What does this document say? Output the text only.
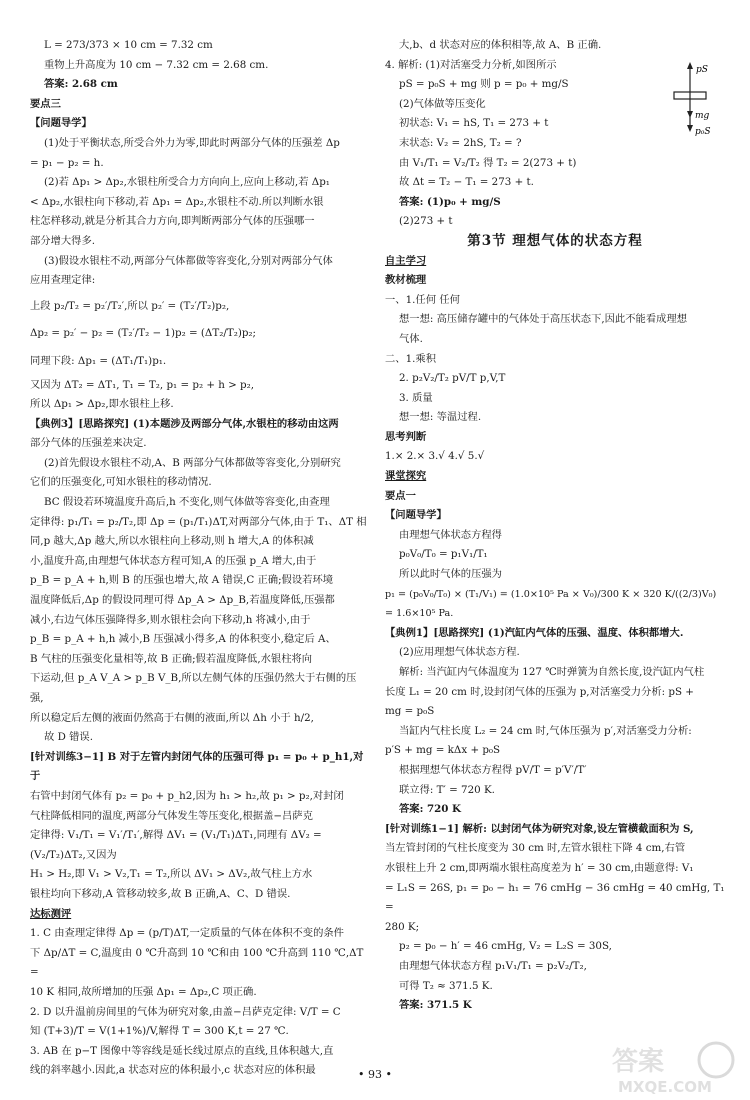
L = 273/373 × 10 cm = 7.32 cm

重物上升高度为 10 cm − 7.32 cm = 2.68 cm.

答案: 2.68 cm

要点三

【问题导学】

(1)处于平衡状态,所受合外力为零,即此时两部分气体的压强差 Δp

= p₁ − p₂ = h.

(2)若 Δp₁ > Δp₂,水银柱所受合力方向向上,应向上移动,若 Δp₁

< Δp₂,水银柱向下移动,若 Δp₁ = Δp₂,水银柱不动.所以判断水银

柱怎样移动,就是分析其合力方向,即判断两部分气体的压强哪一

部分增大得多.

(3)假设水银柱不动,两部分气体都做等容变化,分别对两部分气体

应用查理定律:

上段 p₂/T₂ = p₂′/T₂′,所以 p₂′ = (T₂′/T₂)p₂,

Δp₂ = p₂′ − p₂ = (T₂′/T₂ − 1)p₂ = (ΔT₂/T₂)p₂;

同理下段: Δp₁ = (ΔT₁/T₁)p₁.

又因为 ΔT₂ = ΔT₁, T₁ = T₂, p₁ = p₂ + h > p₂,

所以 Δp₁ > Δp₂,即水银柱上移.

【典例3】[思路探究] (1)本题涉及两部分气体,水银柱的移动由这两

部分气体的压强差来决定.

(2)首先假设水银柱不动,A、B 两部分气体都做等容变化,分别研究

它们的压强变化,可知水银柱的移动情况.

BC 假设若环境温度升高后,h 不变化,则气体做等容变化,由查理

定律得: p₁/T₁ = p₂/T₂,即 Δp = (p₁/T₁)ΔT,对两部分气体,由于 T₁、ΔT 相

同,p 越大,Δp 越大,所以水银柱向上移动,则 h 增大,A 的体积减

小,温度升高,由理想气体状态方程可知,A 的压强 p_A 增大,由于

p_B = p_A + h,则 B 的压强也增大,故 A 错误,C 正确;假设若环境

温度降低后,Δp 的假设同理可得 Δp_A > Δp_B,若温度降低,压强都

减小,右边气体压强降得多,则水银柱会向下移动,h 将减小,由于

p_B = p_A + h,h 减小,B 压强减小得多,A 的体积变小,稳定后 A、

B 气柱的压强变化量相等,故 B 正确;假若温度降低,水银柱将向

下运动,但 p_A V_A > p_B V_B,所以左侧气体的压强仍然大于右侧的压强,

所以稳定后左侧的液面仍然高于右侧的液面,所以 Δh 小于 h/2,

故 D 错误.

[针对训练3−1] B 对于左管内封闭气体的压强可得 p₁ = p₀ + p_h1,对于

右管中封闭气体有 p₂ = p₀ + p_h2,因为 h₁ > h₂,故 p₁ > p₂,对封闭

气柱降低相同的温度,两部分气体发生等压变化,根据盖−吕萨克

定律得: V₁/T₁ = V₁′/T₁′,解得 ΔV₁ = (V₁/T₁)ΔT₁,同理有 ΔV₂ = (V₂/T₂)ΔT₂,又因为

H₁ > H₂,即 V₁ > V₂,T₁ = T₂,所以 ΔV₁ > ΔV₂,故气柱上方水

银柱均向下移动,A 管移动较多,故 B 正确,A、C、D 错误.

达标测评

1. C 由查理定律得 Δp = (p/T)ΔT,一定质量的气体在体积不变的条件

下 Δp/ΔT = C,温度由 0 ℃升高到 10 ℃和由 100 ℃升高到 110 ℃,ΔT =

10 K 相同,故所增加的压强 Δp₁ = Δp₂,C 项正确.

2. D 以升温前房间里的气体为研究对象,由盖−吕萨克定律: V/T = C

知 (T+3)/T = V(1+1%)/V,解得 T = 300 K,t = 27 ℃.

3. AB 在 p−T 图像中等容线是延长线过原点的直线,且体积越大,直

线的斜率越小.因此,a 状态对应的体积最小,c 状态对应的体积最

大,b、d 状态对应的体积相等,故 A、B 正确.

4. 解析: (1)对活塞受力分析,如图所示

pS = p₀S + mg 则 p = p₀ + mg/S

(2)气体做等压变化

初状态: V₁ = hS, T₁ = 273 + t

末状态: V₂ = 2hS, T₂ = ?

由 V₁/T₁ = V₂/T₂ 得 T₂ = 2(273 + t)

故 Δt = T₂ − T₁ = 273 + t.

答案: (1)p₀ + mg/S

(2)273 + t

第3节 理想气体的状态方程

自主学习

教材梳理

一、1.任何 任何

想一想: 高压储存罐中的气体处于高压状态下,因此不能看成理想

气体.

二、1.乘积

2. p₂V₂/T₂ pV/T p,V,T

3. 质量

想一想: 等温过程.

思考判断

1.× 2.× 3.√ 4.√ 5.√

课堂探究

要点一

【问题导学】

由理想气体状态方程得

p₀V₀/T₀ = p₁V₁/T₁

所以此时气体的压强为

p₁ = (p₀V₀/T₀) × (T₁/V₁) = (1.0×10⁵ Pa × V₀)/300 K × 320 K/((2/3)V₀) = 1.6×10⁵ Pa.

【典例1】[思路探究] (1)汽缸内气体的压强、温度、体积都增大.

(2)应用理想气体状态方程.

解析: 当汽缸内气体温度为 127 ℃时弹簧为自然长度,设汽缸内气柱

长度 L₁ = 20 cm 时,设封闭气体的压强为 p,对活塞受力分析: pS +

mg = p₀S

当缸内气柱长度 L₂ = 24 cm 时,气体压强为 p′,对活塞受力分析:

p′S + mg = kΔx + p₀S

根据理想气体状态方程得 pV/T = p′V′/T′

联立得: T′ = 720 K.

答案: 720 K

[针对训练1−1] 解析: 以封闭气体为研究对象,设左管横截面积为 S,

当左管封闭的气柱长度变为 30 cm 时,左管水银柱下降 4 cm,右管

水银柱上升 2 cm,即两端水银柱高度差为 h′ = 30 cm,由题意得: V₁

= L₁S = 26S, p₁ = p₀ − h₁ = 76 cmHg − 36 cmHg = 40 cmHg, T₁ =

280 K;

p₂ = p₀ − h′ = 46 cmHg, V₂ = L₂S = 30S,

由理想气体状态方程 p₁V₁/T₁ = p₂V₂/T₂,

可得 T₂ ≈ 371.5 K.

答案: 371.5 K

pS
mg
p₀S
• 93 •	答案
MXQE.COM
